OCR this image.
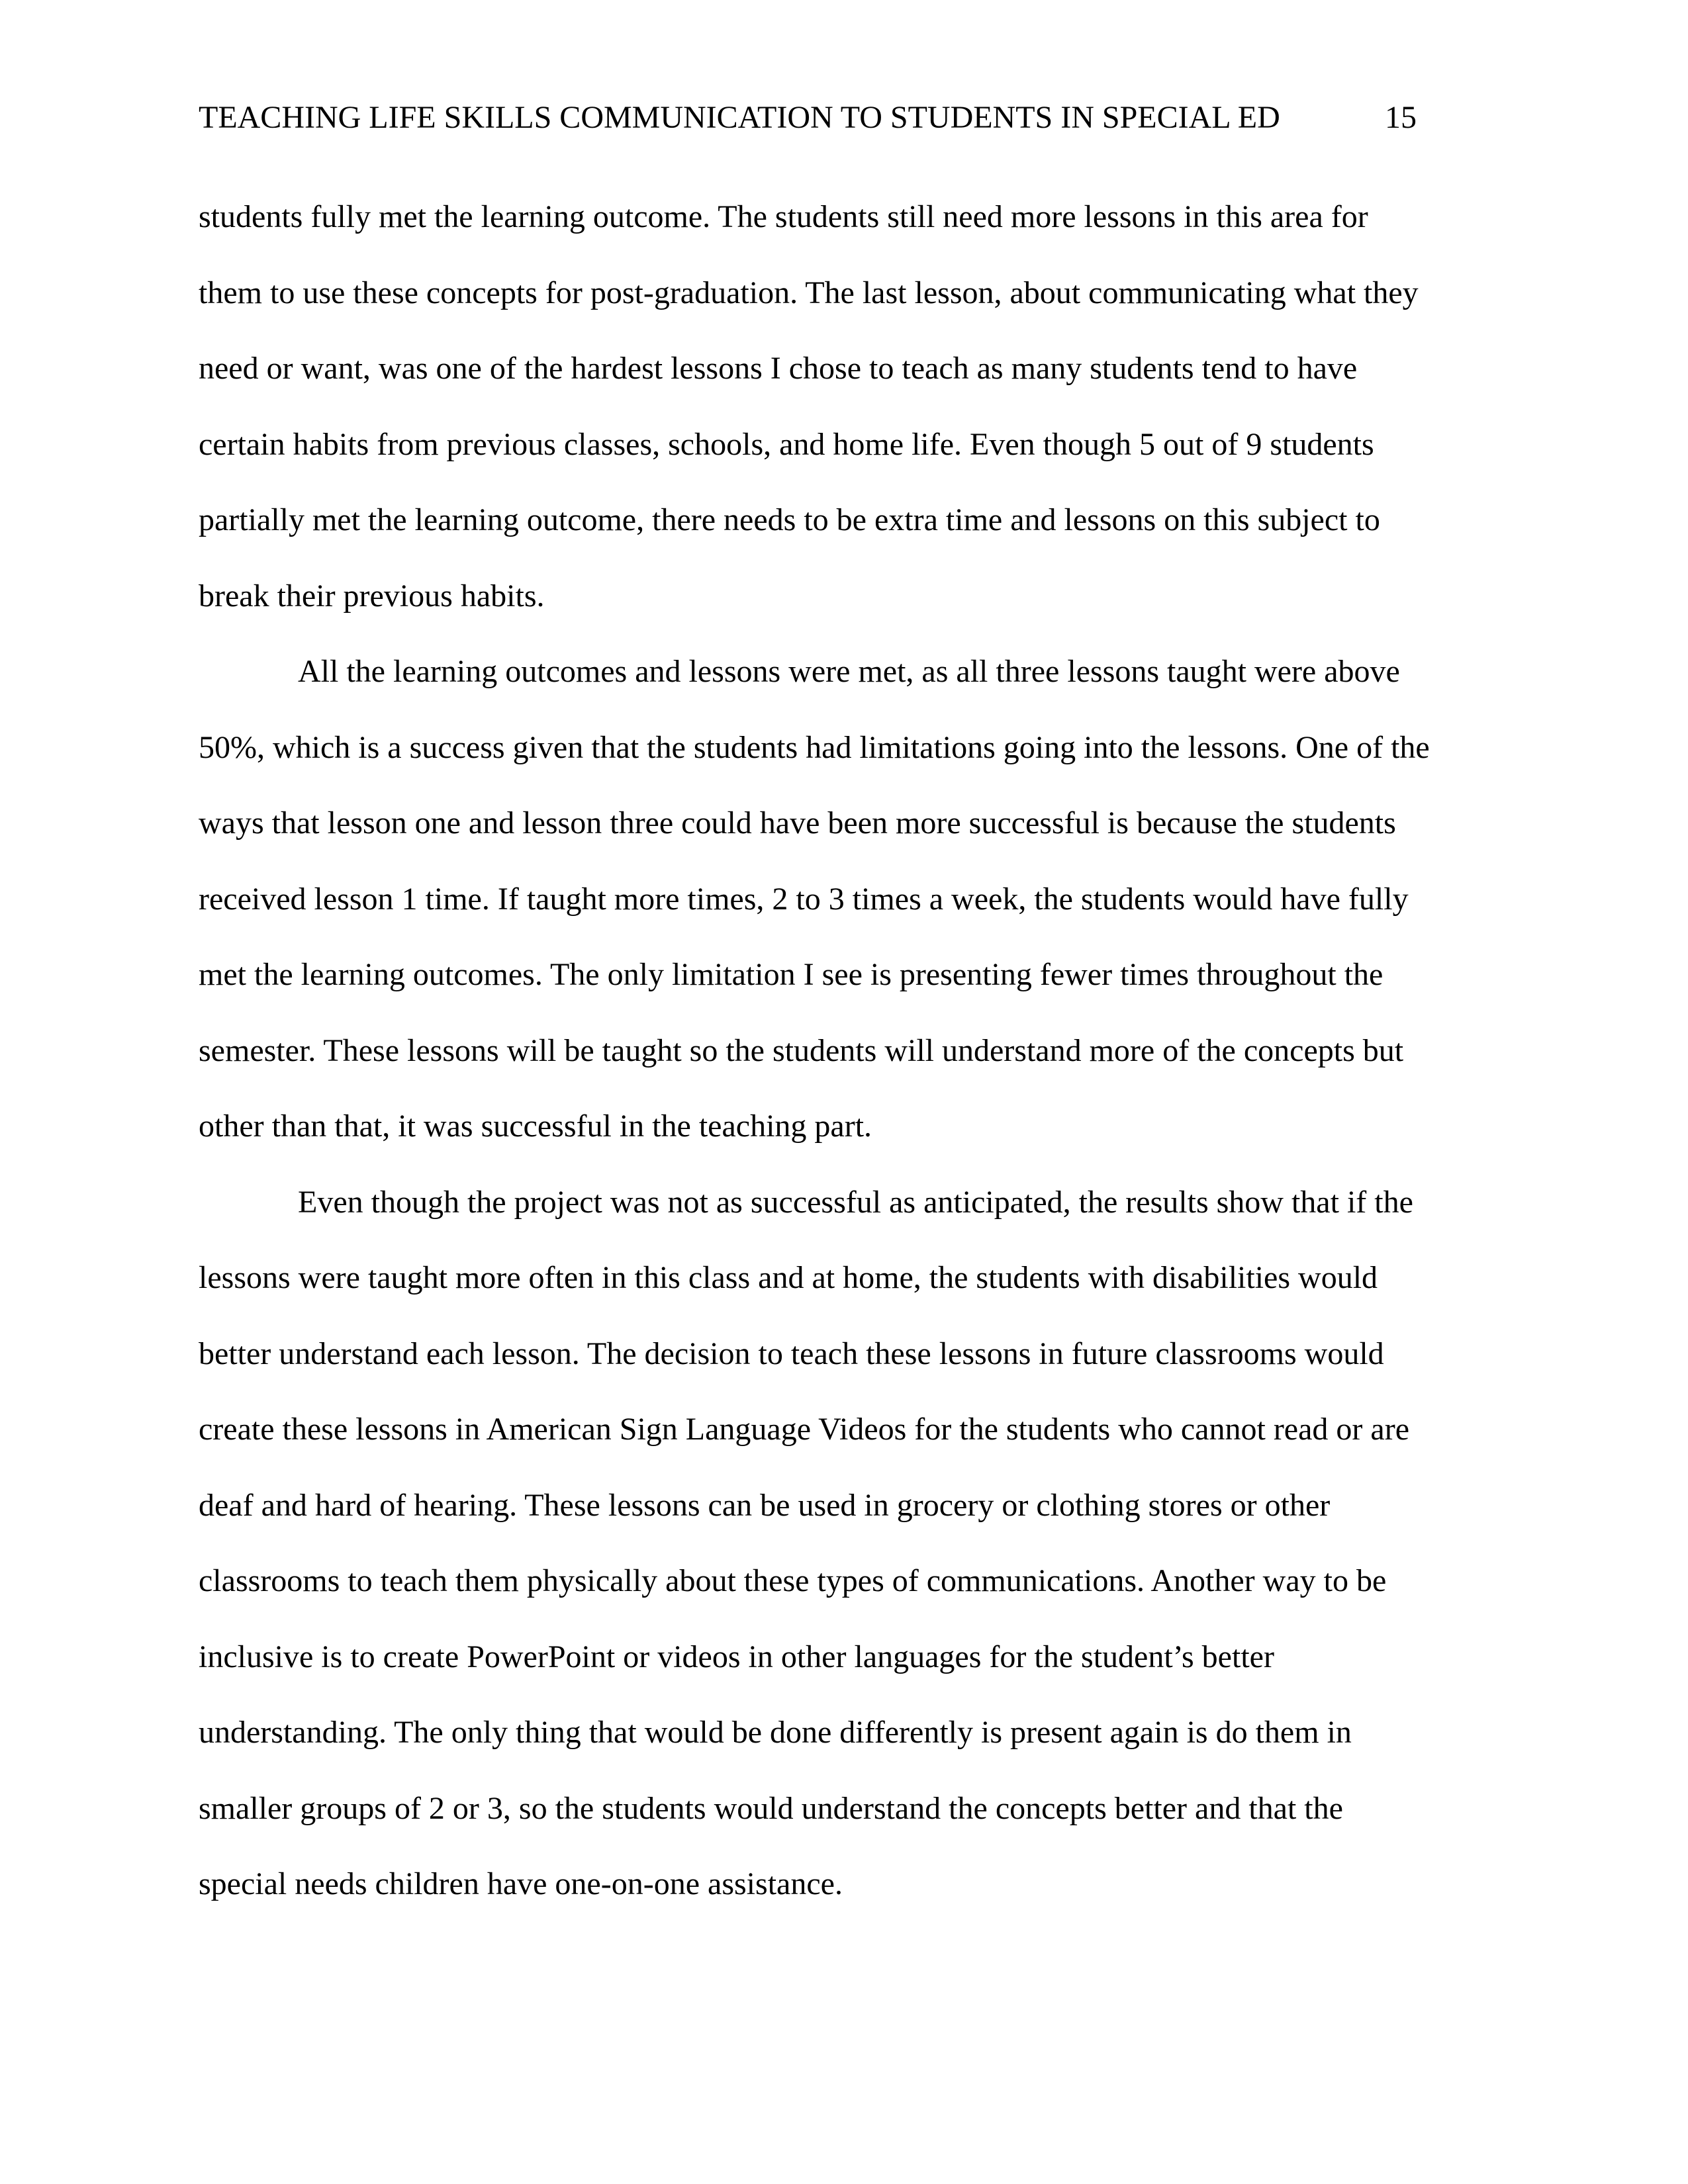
TEACHING LIFE SKILLS COMMUNICATION TO STUDENTS IN SPECIAL ED	15
students fully met the learning outcome. The students still need more lessons in this area for
them to use these concepts for post-graduation. The last lesson, about communicating what they
need or want, was one of the hardest lessons I chose to teach as many students tend to have
certain habits from previous classes, schools, and home life. Even though 5 out of 9 students
partially met the learning outcome, there needs to be extra time and lessons on this subject to
break their previous habits.
All the learning outcomes and lessons were met, as all three lessons taught were above
50%, which is a success given that the students had limitations going into the lessons. One of the
ways that lesson one and lesson three could have been more successful is because the students
received lesson 1 time. If taught more times, 2 to 3 times a week, the students would have fully
met the learning outcomes. The only limitation I see is presenting fewer times throughout the
semester. These lessons will be taught so the students will understand more of the concepts but
other than that, it was successful in the teaching part.
Even though the project was not as successful as anticipated, the results show that if the
lessons were taught more often in this class and at home, the students with disabilities would
better understand each lesson. The decision to teach these lessons in future classrooms would
create these lessons in American Sign Language Videos for the students who cannot read or are
deaf and hard of hearing. These lessons can be used in grocery or clothing stores or other
classrooms to teach them physically about these types of communications. Another way to be
inclusive is to create PowerPoint or videos in other languages for the student’s better
understanding. The only thing that would be done differently is present again is do them in
smaller groups of 2 or 3, so the students would understand the concepts better and that the
special needs children have one-on-one assistance.
